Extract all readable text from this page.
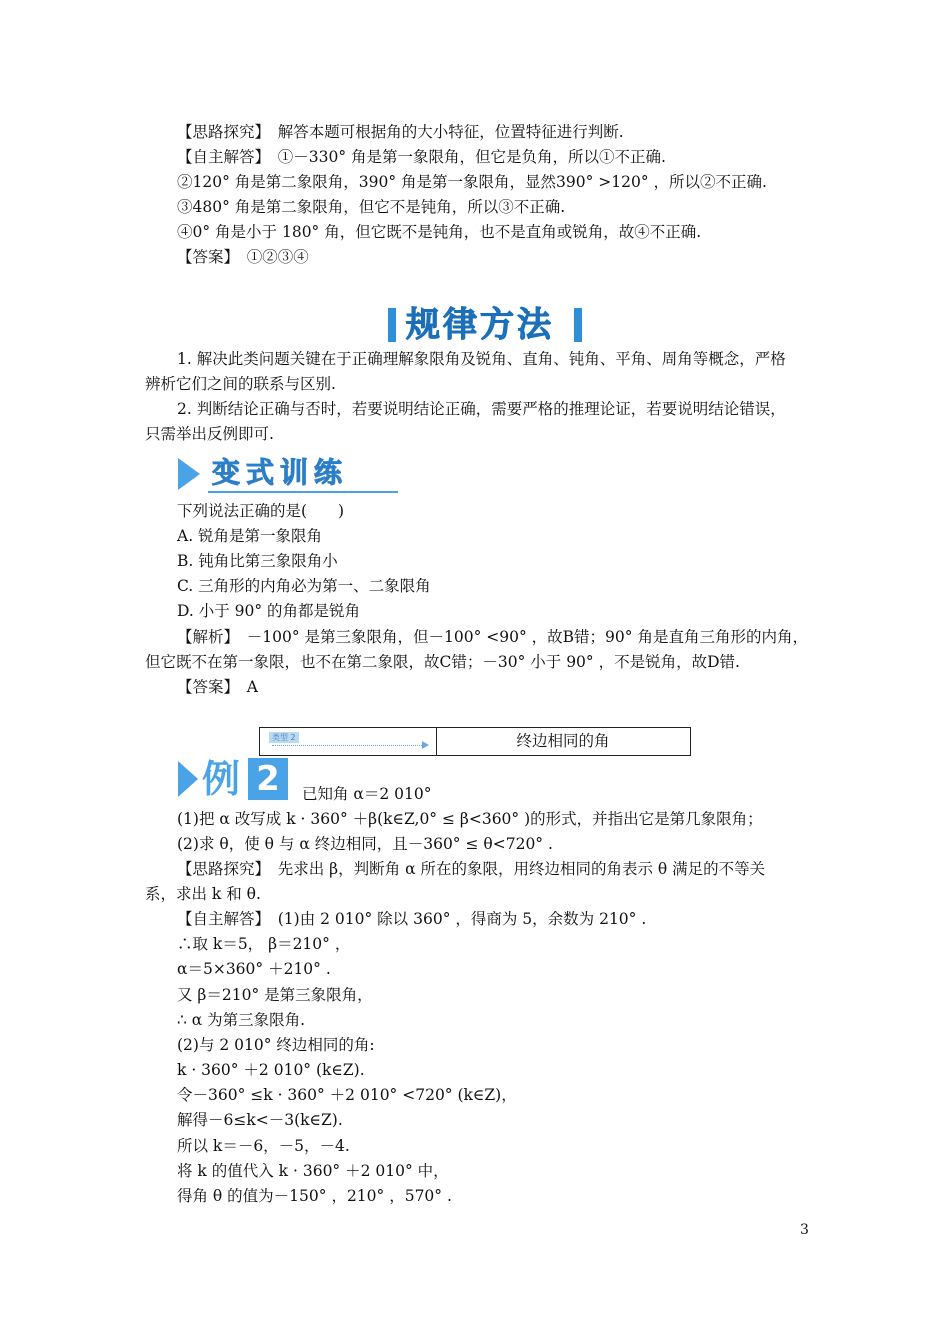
【思路探究】　解答本题可根据角的大小特征，位置特征进行判断.
【自主解答】　①－330° 角是第一象限角，但它是负角，所以①不正确.
②120° 角是第二象限角，390° 角是第一象限角，显然390° >120° ，所以②不正确.
③480° 角是第二象限角，但它不是钝角，所以③不正确.
④0° 角是小于 180° 角，但它既不是钝角，也不是直角或锐角，故④不正确.
【答案】　①②③④
规律方法
1. 解决此类问题关键在于正确理解象限角及锐角、直角、钝角、平角、周角等概念，严格
辨析它们之间的联系与区别.
2. 判断结论正确与否时，若要说明结论正确，需要严格的推理论证，若要说明结论错误，
只需举出反例即可.
变式训练
下列说法正确的是(　　)
A. 锐角是第一象限角
B. 钝角比第三象限角小
C. 三角形的内角必为第一、二象限角
D. 小于 90° 的角都是锐角
【解析】　－100° 是第三象限角，但－100° <90° ，故B错；90° 角是直角三角形的内角，
但它既不在第一象限，也不在第二象限，故C错；－30° 小于 90° ，不是锐角，故D错.
【答案】　A
类型 2	终边相同的角
例 2	已知角 α＝2 010°
(1)把 α 改写成 k · 360° ＋β(k∈Z,0° ≤ β<360° )的形式，并指出它是第几象限角；
(2)求 θ，使 θ 与 α 终边相同，且－360° ≤ θ<720° .
【思路探究】　先求出 β，判断角 α 所在的象限，用终边相同的角表示 θ 满足的不等关
系，求出 k 和 θ.
【自主解答】　(1)由 2 010° 除以 360° ，得商为 5，余数为 210° .
∴取 k＝5， β＝210° ，
α＝5×360° ＋210° .
又 β＝210° 是第三象限角，
∴ α 为第三象限角.
(2)与 2 010° 终边相同的角:
k · 360° ＋2 010° (k∈Z).
令－360° ≤k · 360° ＋2 010° <720° (k∈Z)，
解得－6≤k<－3(k∈Z).
所以 k＝－6，－5，－4.
将 k 的值代入 k · 360° ＋2 010° 中，
得角 θ 的值为－150° ，210° ，570° .
3
